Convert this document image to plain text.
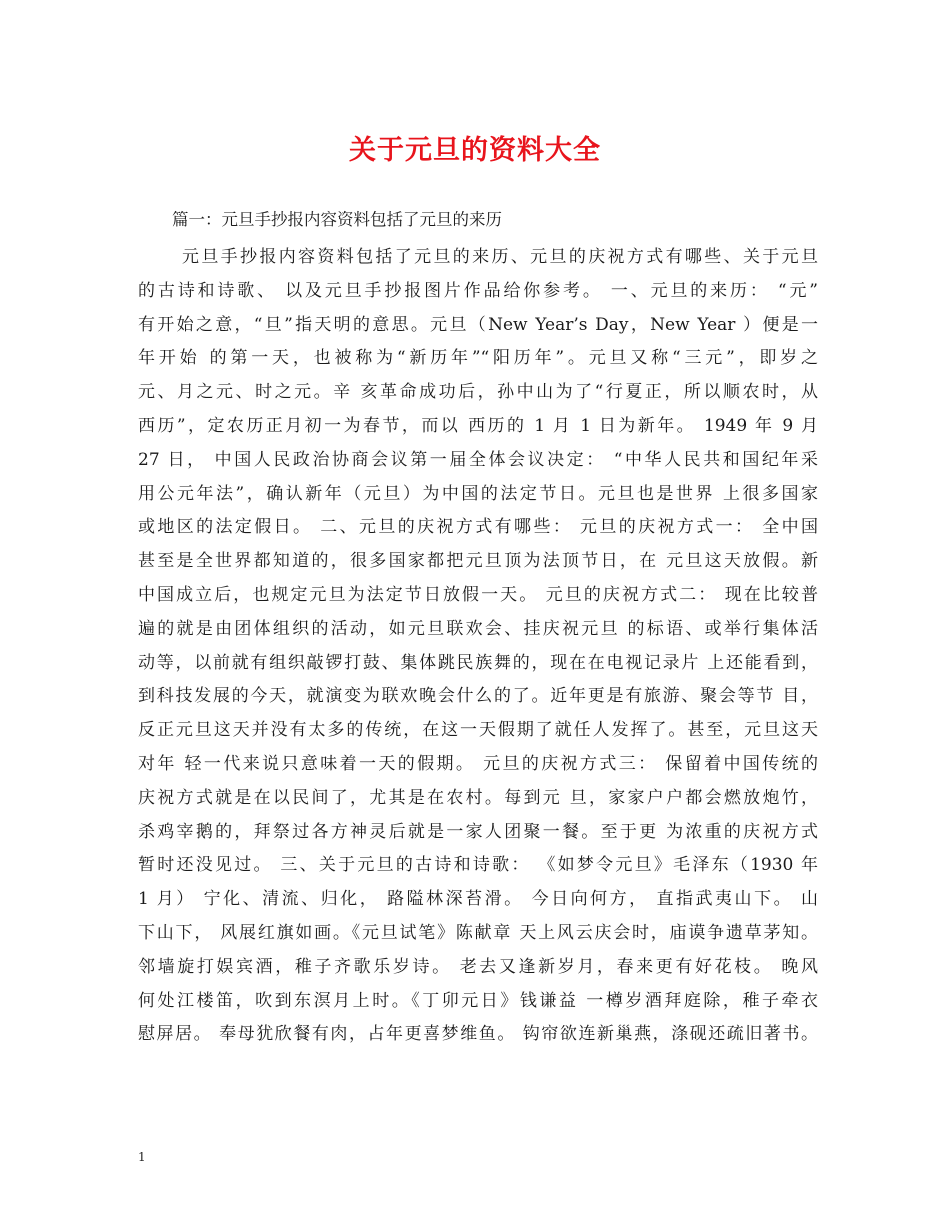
关于元旦的资料大全

篇一：元旦手抄报内容资料包括了元旦的来历

元旦手抄报内容资料包括了元旦的来历、元旦的庆祝方式有哪些、关于元旦
的古诗和诗歌、 以及元旦手抄报图片作品给你参考。 一、元旦的来历： “元”
有开始之意，“旦”指天明的意思。元旦（New Year’s Day，New Year ）便是一
年开始 的第一天，也被称为“新历年”“阳历年”。元旦又称“三元”，即岁之
元、月之元、时之元。辛 亥革命成功后，孙中山为了“行夏正，所以顺农时，从
西历”，定农历正月初一为春节，而以 西历的 1 月 1 日为新年。 1949 年 9 月
27 日， 中国人民政治协商会议第一届全体会议决定： “中华人民共和国纪年采
用公元年法”，确认新年（元旦）为中国的法定节日。元旦也是世界 上很多国家
或地区的法定假日。 二、元旦的庆祝方式有哪些： 元旦的庆祝方式一： 全中国
甚至是全世界都知道的，很多国家都把元旦顶为法顶节日，在 元旦这天放假。新
中国成立后，也规定元旦为法定节日放假一天。 元旦的庆祝方式二： 现在比较普
遍的就是由团体组织的活动，如元旦联欢会、挂庆祝元旦 的标语、或举行集体活
动等，以前就有组织敲锣打鼓、集体跳民族舞的，现在在电视记录片 上还能看到，
到科技发展的今天，就演变为联欢晚会什么的了。近年更是有旅游、聚会等节 目，
反正元旦这天并没有太多的传统，在这一天假期了就任人发挥了。甚至，元旦这天
对年 轻一代来说只意味着一天的假期。 元旦的庆祝方式三： 保留着中国传统的
庆祝方式就是在以民间了，尤其是在农村。每到元 旦，家家户户都会燃放炮竹，
杀鸡宰鹅的，拜祭过各方神灵后就是一家人团聚一餐。至于更 为浓重的庆祝方式
暂时还没见过。 三、关于元旦的古诗和诗歌： 《如梦令元旦》毛泽东（1930 年
1 月） 宁化、清流、归化， 路隘林深苔滑。 今日向何方， 直指武夷山下。 山
下山下， 风展红旗如画。《元旦试笔》陈献章 天上风云庆会时，庙谟争遗草茅知。
邻墙旋打娱宾酒，稚子齐歌乐岁诗。 老去又逢新岁月，春来更有好花枝。 晚风
何处江楼笛，吹到东溟月上时。《丁卯元日》钱谦益 一樽岁酒拜庭除，稚子牵衣
慰屏居。 奉母犹欣餐有肉，占年更喜梦维鱼。 钩帘欲连新巢燕，涤砚还疏旧著书。

1
